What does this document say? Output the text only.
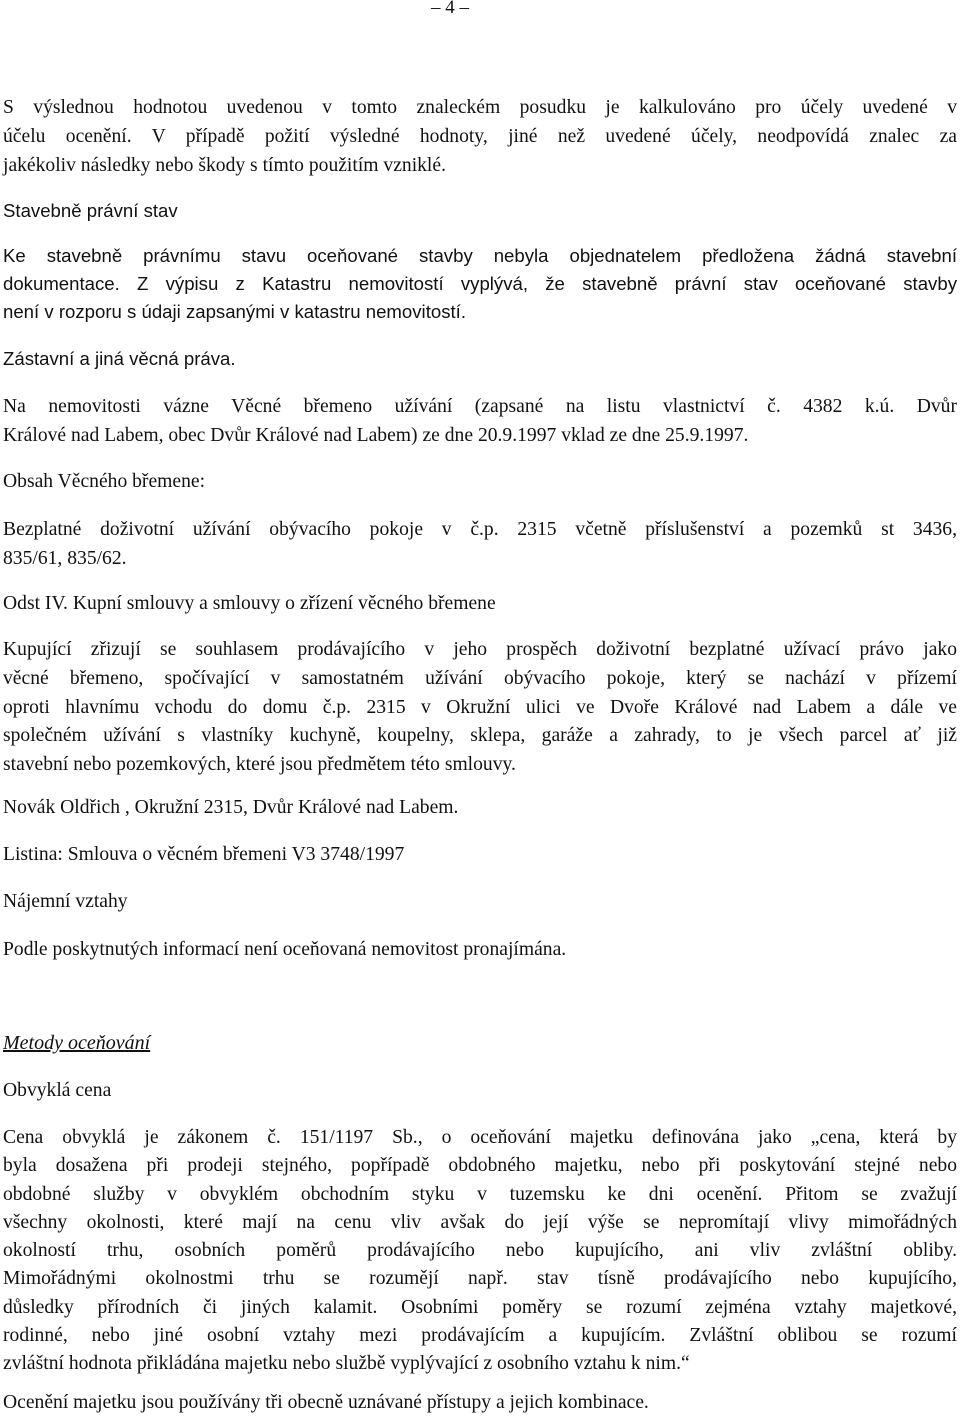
– 4 –
S výslednou hodnotou uvedenou v tomto znaleckém posudku je kalkulováno pro účely uvedené v
účelu ocenění. V případě požití výsledné hodnoty, jiné než uvedené účely, neodpovídá znalec za
jakékoliv následky nebo škody s tímto použitím vzniklé.
Stavebně právní stav
Ke stavebně právnímu stavu oceňované stavby nebyla objednatelem předložena žádná stavební
dokumentace. Z výpisu z Katastru nemovitostí vyplývá, že stavebně právní stav oceňované stavby
není v rozporu s údaji zapsanými v katastru nemovitostí.
Zástavní a jiná věcná práva.
Na nemovitosti vázne Věcné břemeno užívání (zapsané na listu vlastnictví č. 4382 k.ú. Dvůr
Králové nad Labem, obec Dvůr Králové nad Labem) ze dne 20.9.1997 vklad ze dne 25.9.1997.
Obsah Věcného břemene:
Bezplatné doživotní užívání obývacího pokoje v č.p. 2315 včetně příslušenství a pozemků st 3436,
835/61, 835/62.
Odst IV. Kupní smlouvy a smlouvy o zřízení věcného břemene
Kupující zřizují se souhlasem prodávajícího v jeho prospěch doživotní bezplatné užívací právo jako
věcné břemeno, spočívající v samostatném užívání obývacího pokoje, který se nachází v přízemí
oproti hlavnímu vchodu do domu č.p. 2315 v Okružní ulici ve Dvoře Králové nad Labem a dále ve
společném užívání s vlastníky kuchyně, koupelny, sklepa, garáže a zahrady, to je všech parcel ať již
stavební nebo pozemkových, které jsou předmětem této smlouvy.
Novák Oldřich , Okružní 2315, Dvůr Králové nad Labem.
Listina: Smlouva o věcném břemeni V3 3748/1997
Nájemní vztahy
Podle poskytnutých informací není oceňovaná nemovitost pronajímána.
Metody oceňování
Obvyklá cena
Cena obvyklá je zákonem č. 151/1197 Sb., o oceňování majetku definována jako „cena, která by
byla dosažena při prodeji stejného, popřípadě obdobného majetku, nebo při poskytování stejné nebo
obdobné služby v obvyklém obchodním styku v tuzemsku ke dni ocenění. Přitom se zvažují
všechny okolnosti, které mají na cenu vliv avšak do její výše se nepromítají vlivy mimořádných
okolností trhu, osobních poměrů prodávajícího nebo kupujícího, ani vliv zvláštní obliby.
Mimořádnými okolnostmi trhu se rozumějí např. stav tísně prodávajícího nebo kupujícího,
důsledky přírodních či jiných kalamit. Osobními poměry se rozumí zejména vztahy majetkové,
rodinné, nebo jiné osobní vztahy mezi prodávajícím a kupujícím. Zvláštní oblibou se rozumí
zvláštní hodnota přikládána majetku nebo službě vyplývající z osobního vztahu k nim.“
Ocenění majetku jsou používány tři obecně uznávané přístupy a jejich kombinace.
